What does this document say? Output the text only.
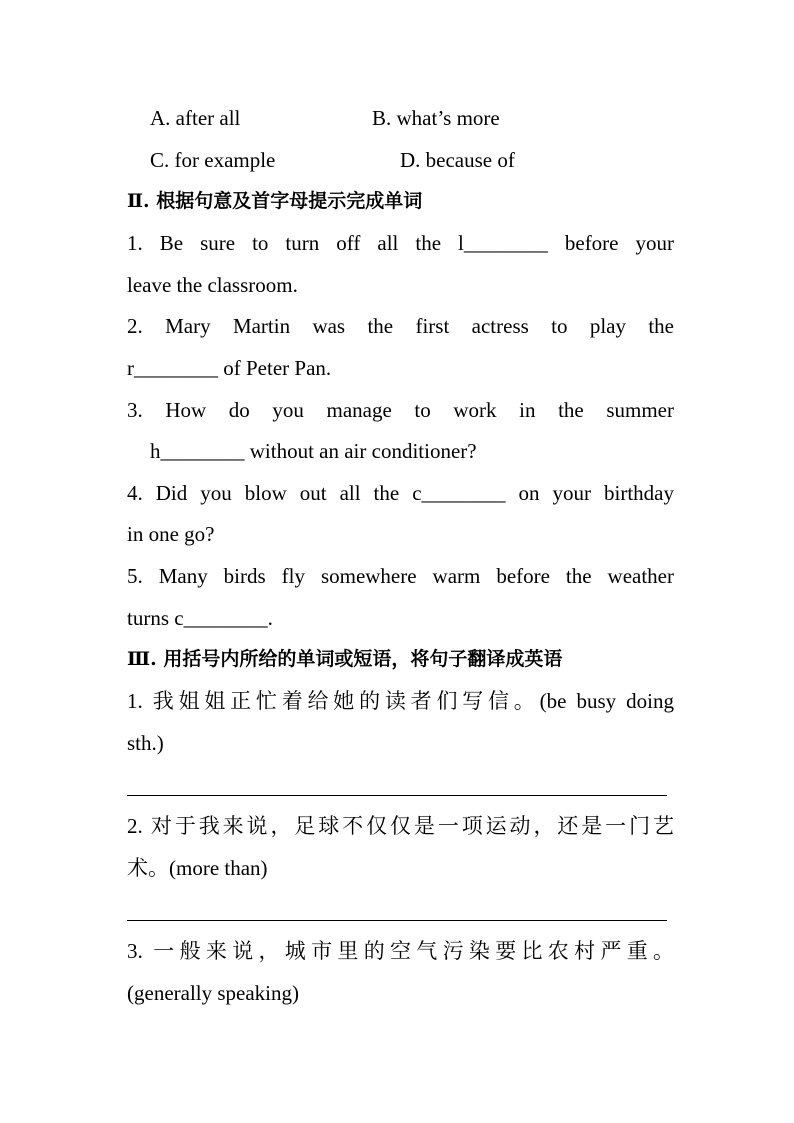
A. after all	B. what’s more
C. for example	D. because of
Ⅱ. 根据句意及首字母提示完成单词
1. Be sure to turn off all the l________ before your
leave the classroom.
2. Mary Martin was the first actress to play the
r________ of Peter Pan.
3. How do you manage to work in the summer
h________ without an air conditioner?
4. Did you blow out all the c________ on your birthday
in one go?
5. Many birds fly somewhere warm before the weather
turns c________.
Ⅲ. 用括号内所给的单词或短语，将句子翻译成英语
1. 我姐姐正忙着给她的读者们写信。(be busy doing
sth.)
2. 对于我来说，足球不仅仅是一项运动，还是一门艺
术。(more than)
3. 一般来说，城市里的空气污染要比农村严重。
(generally speaking)
